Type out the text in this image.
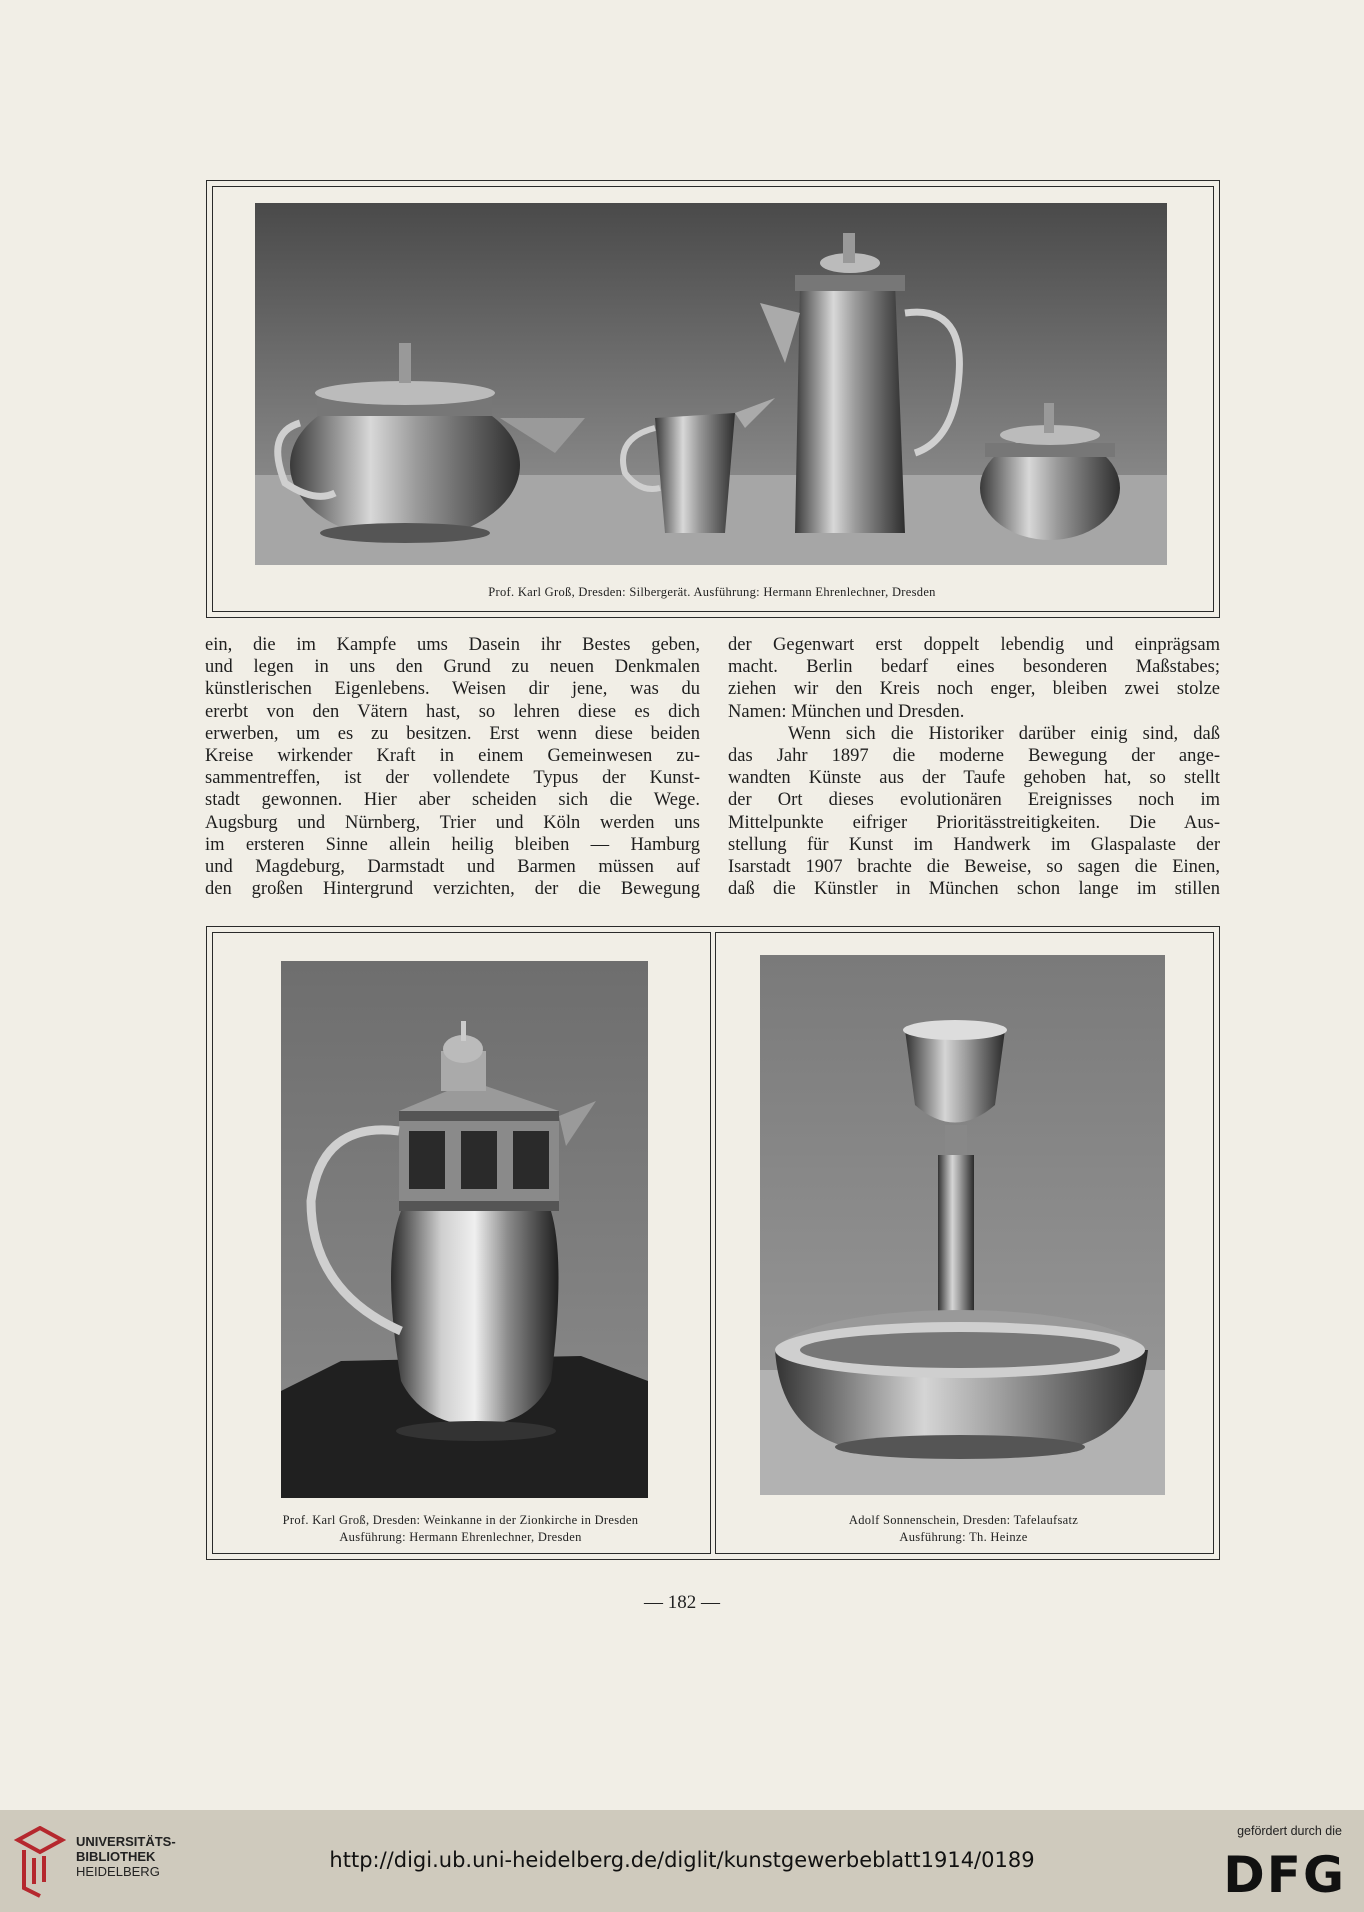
Prof. Karl Groß, Dresden: Silbergerät. Ausführung: Hermann Ehrenlechner, Dresden
ein, die im Kampfe ums Dasein ihr Bestes geben,
und legen in uns den Grund zu neuen Denkmalen
künstlerischen Eigenlebens. Weisen dir jene, was du
ererbt von den Vätern hast, so lehren diese es dich
erwerben, um es zu besitzen. Erst wenn diese beiden
Kreise wirkender Kraft in einem Gemeinwesen zu-
sammentreffen, ist der vollendete Typus der Kunst-
stadt gewonnen. Hier aber scheiden sich die Wege.
Augsburg und Nürnberg, Trier und Köln werden uns
im ersteren Sinne allein heilig bleiben — Hamburg
und Magdeburg, Darmstadt und Barmen müssen auf
den großen Hintergrund verzichten, der die Bewegung
der Gegenwart erst doppelt lebendig und einprägsam
macht. Berlin bedarf eines besonderen Maßstabes;
ziehen wir den Kreis noch enger, bleiben zwei stolze
Namen: München und Dresden.
Wenn sich die Historiker darüber einig sind, daß
das Jahr 1897 die moderne Bewegung der ange-
wandten Künste aus der Taufe gehoben hat, so stellt
der Ort dieses evolutionären Ereignisses noch im
Mittelpunkte eifriger Prioritässtreitigkeiten. Die Aus-
stellung für Kunst im Handwerk im Glaspalaste der
Isarstadt 1907 brachte die Beweise, so sagen die Einen,
daß die Künstler in München schon lange im stillen
Prof. Karl Groß, Dresden: Weinkanne in der Zionkirche in Dresden
Ausführung: Hermann Ehrenlechner, Dresden
Adolf Sonnenschein, Dresden: Tafelaufsatz
Ausführung: Th. Heinze
— 182 —
UNIVERSITÄTS-
BIBLIOTHEK
HEIDELBERG	http://digi.ub.uni-heidelberg.de/diglit/kunstgewerbeblatt1914/0189
gefördert durch die
DFG
